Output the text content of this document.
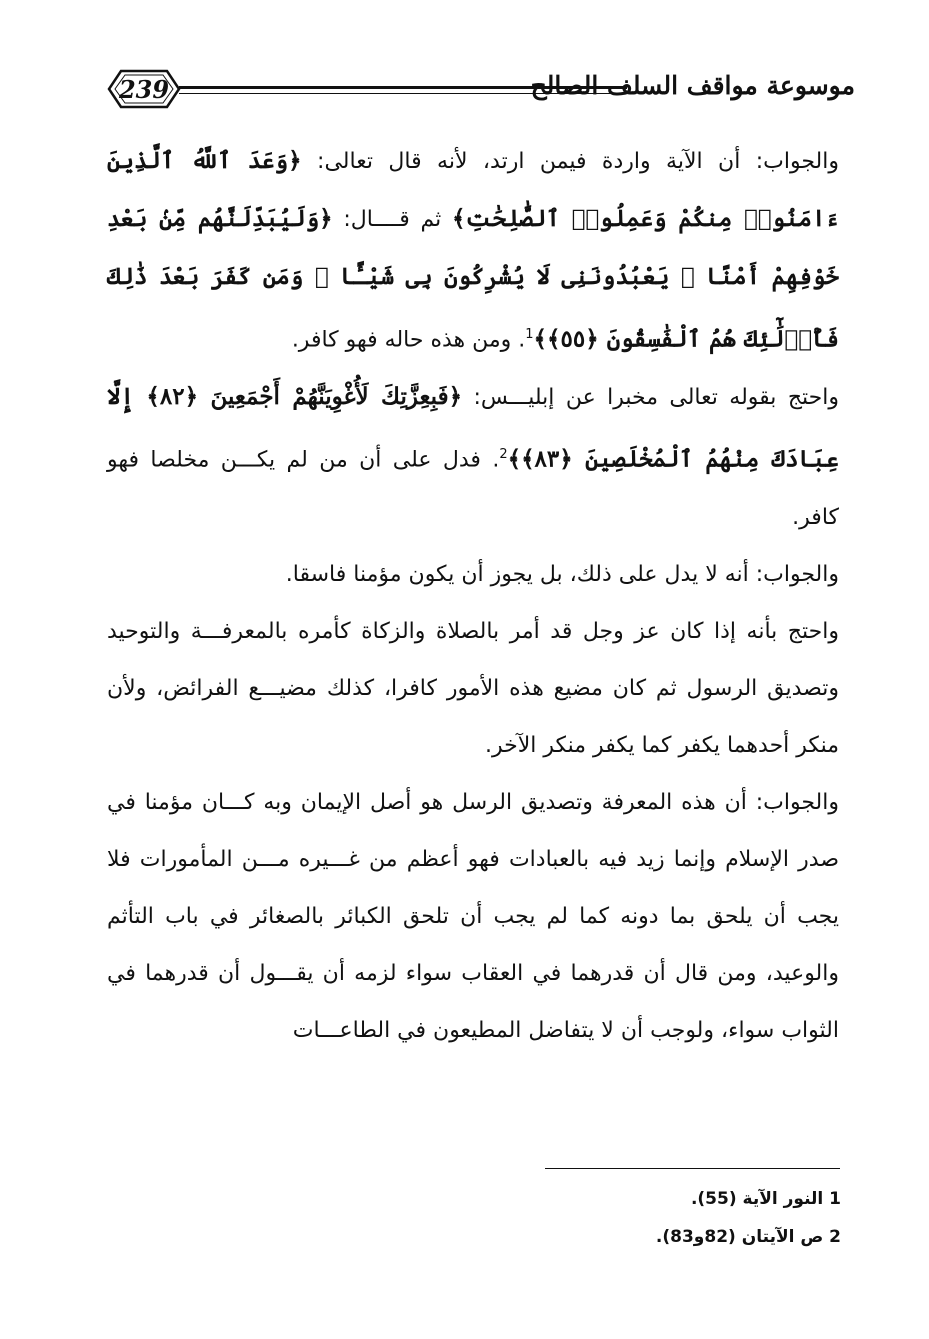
239	موسوعة مواقف السلف الصالح

والجواب: أن الآية واردة فيمن ارتد، لأنه قال تعالى: ﴿وَعَدَ ٱللَّهُ ٱلَّذِينَ ءَامَنُوا۟ مِنكُمْ وَعَمِلُوا۟ ٱلصَّٰلِحَٰتِ﴾ ثم قــــال: ﴿وَلَيُبَدِّلَنَّهُم مِّنۢ بَعْدِ خَوْفِهِمْ أَمْنًا ۚ يَعْبُدُونَنِى لَا يُشْرِكُونَ بِى شَيْـًٔا ۚ وَمَن كَفَرَ بَعْدَ ذَٰلِكَ فَأُو۟لَٰٓئِكَ هُمُ ٱلْفَٰسِقُونَ ﴿٥٥﴾﴾$^1$. ومن هذه حاله فهو كافر.

واحتج بقوله تعالى مخبرا عن إبليـــس: ﴿فَبِعِزَّتِكَ لَأُغْوِيَنَّهُمْ أَجْمَعِينَ ﴿٨٢﴾ إِلَّا عِبَادَكَ مِنْهُمُ ٱلْمُخْلَصِينَ ﴿٨٣﴾﴾$^2$. فدل على أن من لم يكـــن مخلصا فهو كافر.

والجواب: أنه لا يدل على ذلك، بل يجوز أن يكون مؤمنا فاسقا.

واحتج بأنه إذا كان عز وجل قد أمر بالصلاة والزكاة كأمره بالمعرفـــة والتوحيد وتصديق الرسول ثم كان مضيع هذه الأمور كافرا، كذلك مضيـــع الفرائض، ولأن منكر أحدهما يكفر كما يكفر منكر الآخر.

والجواب: أن هذه المعرفة وتصديق الرسل هو أصل الإيمان وبه كـــان مؤمنا في صدر الإسلام وإنما زيد فيه بالعبادات فهو أعظم من غـــيره مـــن المأمورات فلا يجب أن يلحق بما دونه كما لم يجب أن تلحق الكبائر بالصغائر في باب التأثم والوعيد، ومن قال أن قدرهما في العقاب سواء لزمه أن يقـــول أن قدرهما في الثواب سواء، ولوجب أن لا يتفاضل المطيعون في الطاعـــات

1 النور الآية (55).

2 ص الآيتان (82و83).
